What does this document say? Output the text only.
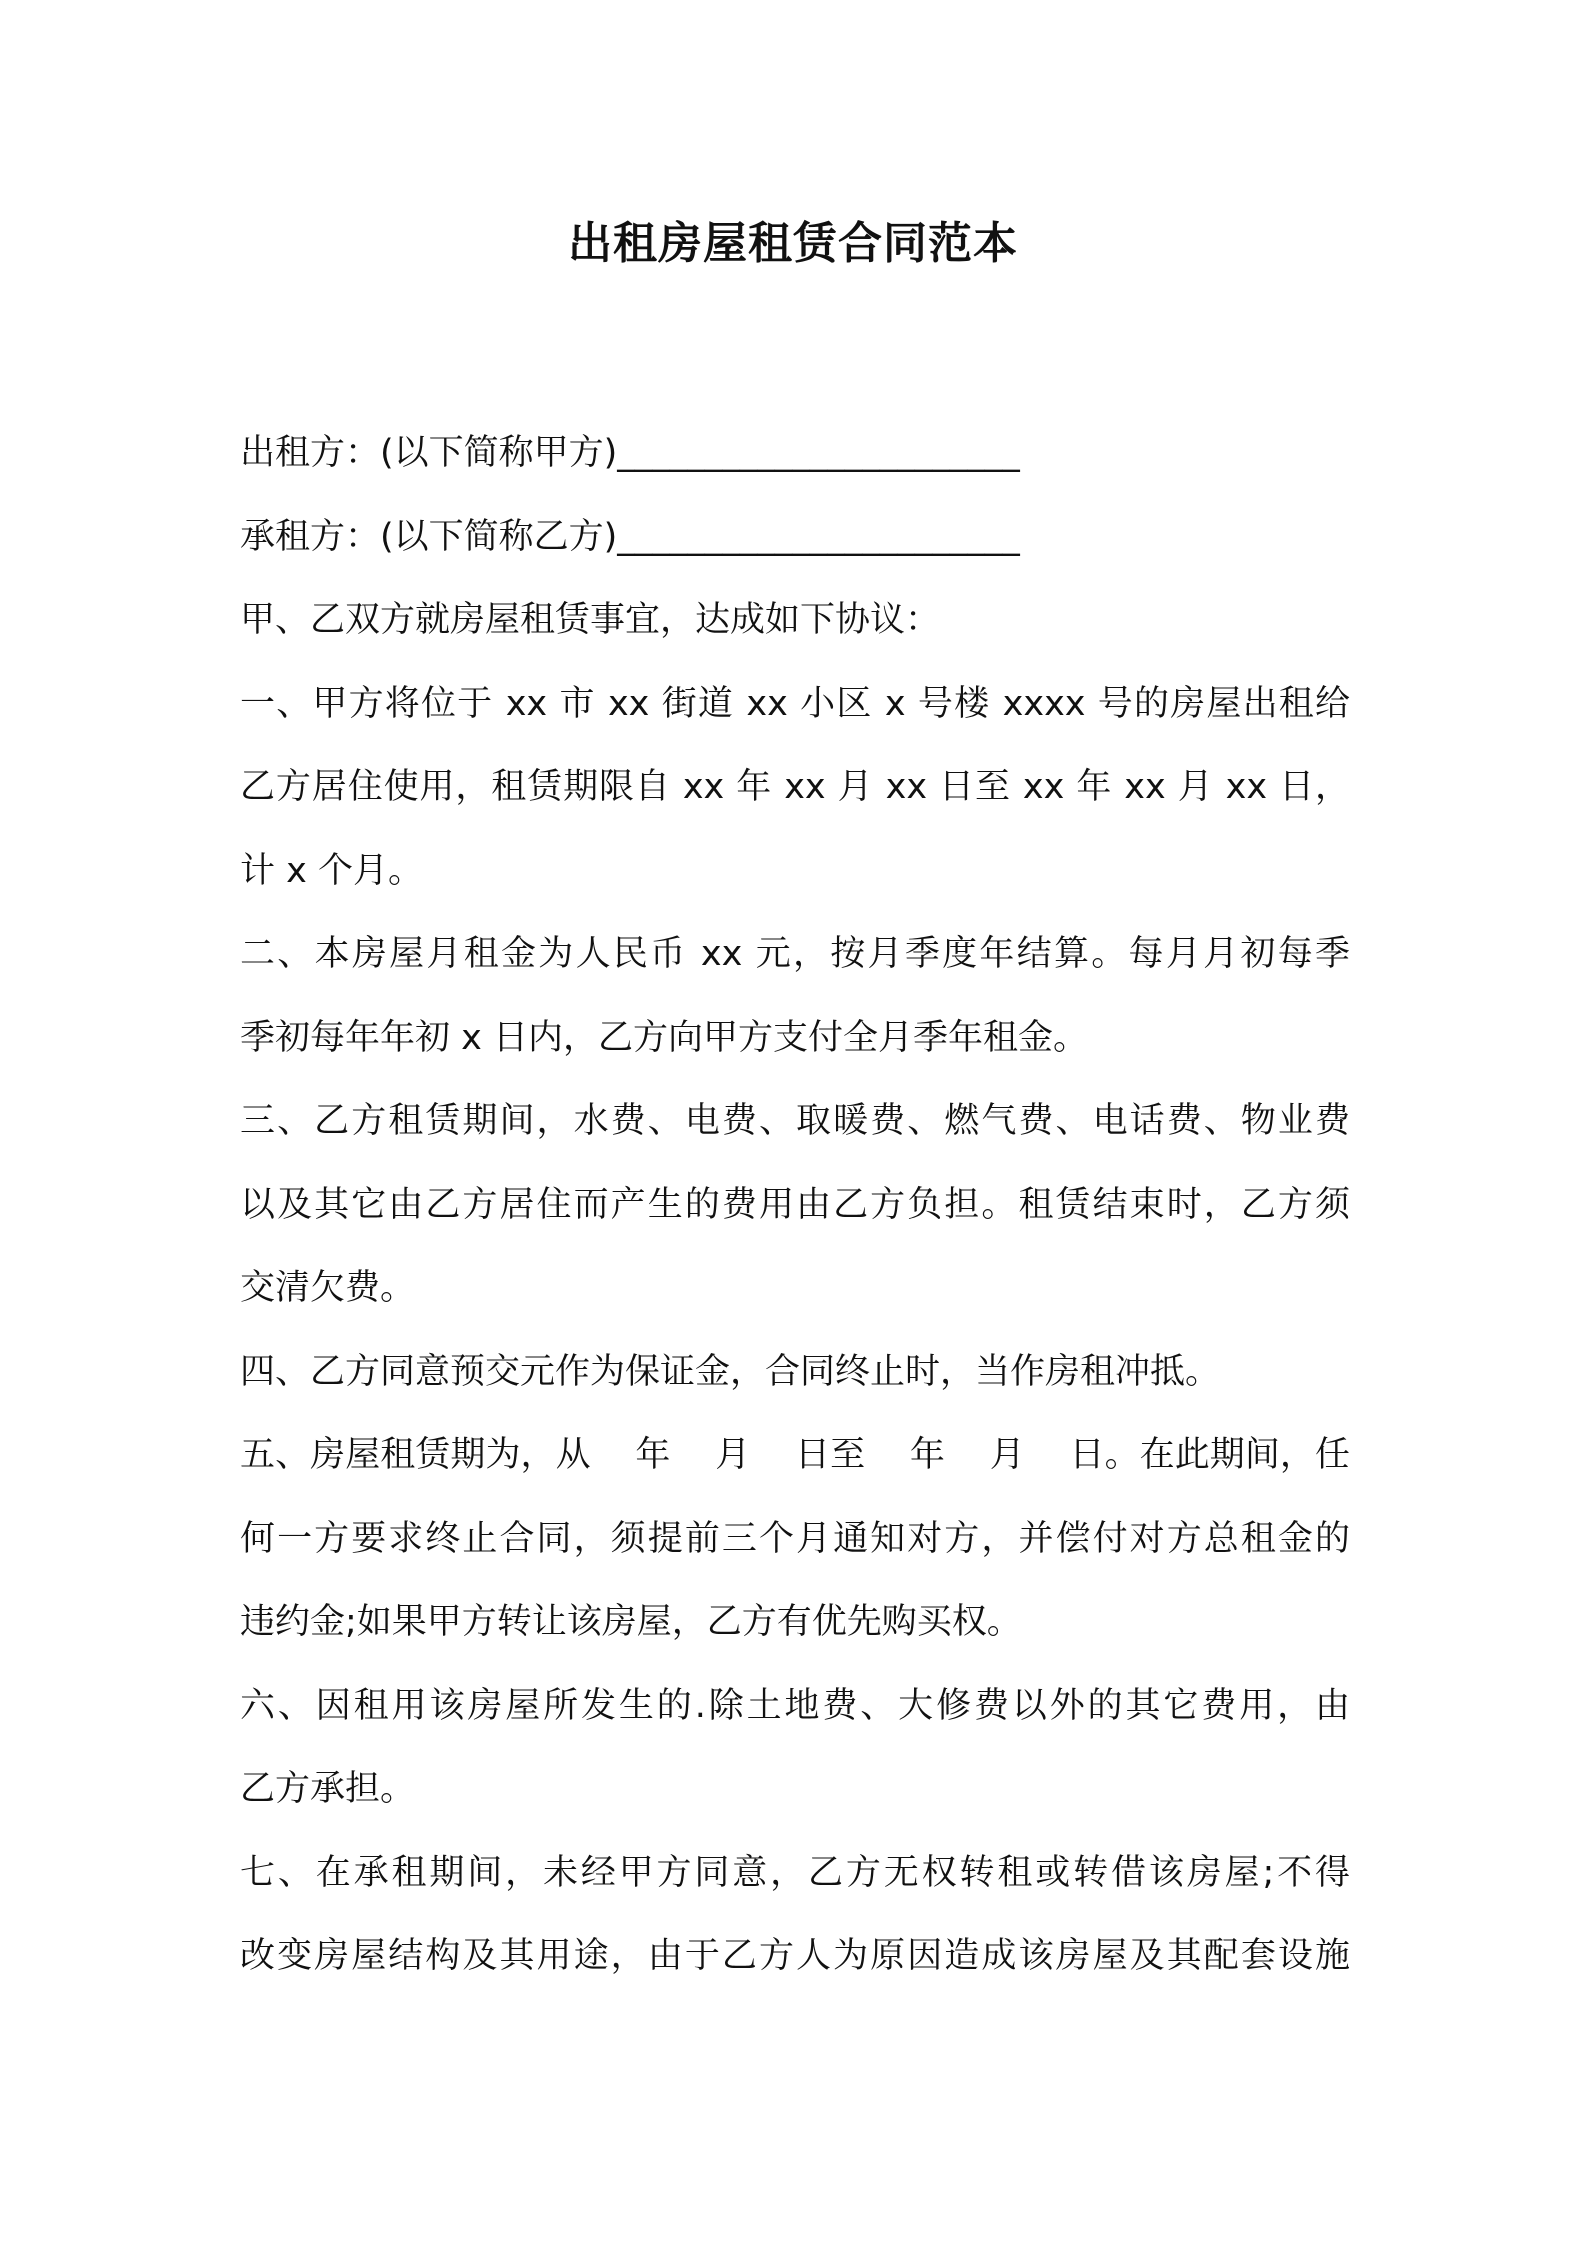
出租房屋租赁合同范本
出租方：(以下简称甲方)_______________________
承租方：(以下简称乙方)_______________________
甲、乙双方就房屋租赁事宜，达成如下协议：
一、甲方将位于 xx 市 xx 街道 xx 小区 x 号楼 xxxx 号的房屋出租给
乙方居住使用，租赁期限自 xx 年 xx 月 xx 日至 xx 年 xx 月 xx 日，
计 x 个月。
二、本房屋月租金为人民币 xx 元，按月季度年结算。每月月初每季
季初每年年初 x 日内，乙方向甲方支付全月季年租金。
三、乙方租赁期间，水费、电费、取暖费、燃气费、电话费、物业费
以及其它由乙方居住而产生的费用由乙方负担。租赁结束时，乙方须
交清欠费。
四、乙方同意预交元作为保证金，合同终止时，当作房租冲抵。
五、房屋租赁期为，从    年    月    日至    年    月    日。在此期间，任
何一方要求终止合同，须提前三个月通知对方，并偿付对方总租金的
违约金;如果甲方转让该房屋，乙方有优先购买权。
六、因租用该房屋所发生的.除土地费、大修费以外的其它费用，由
乙方承担。
七、在承租期间，未经甲方同意，乙方无权转租或转借该房屋;不得
改变房屋结构及其用途，由于乙方人为原因造成该房屋及其配套设施
